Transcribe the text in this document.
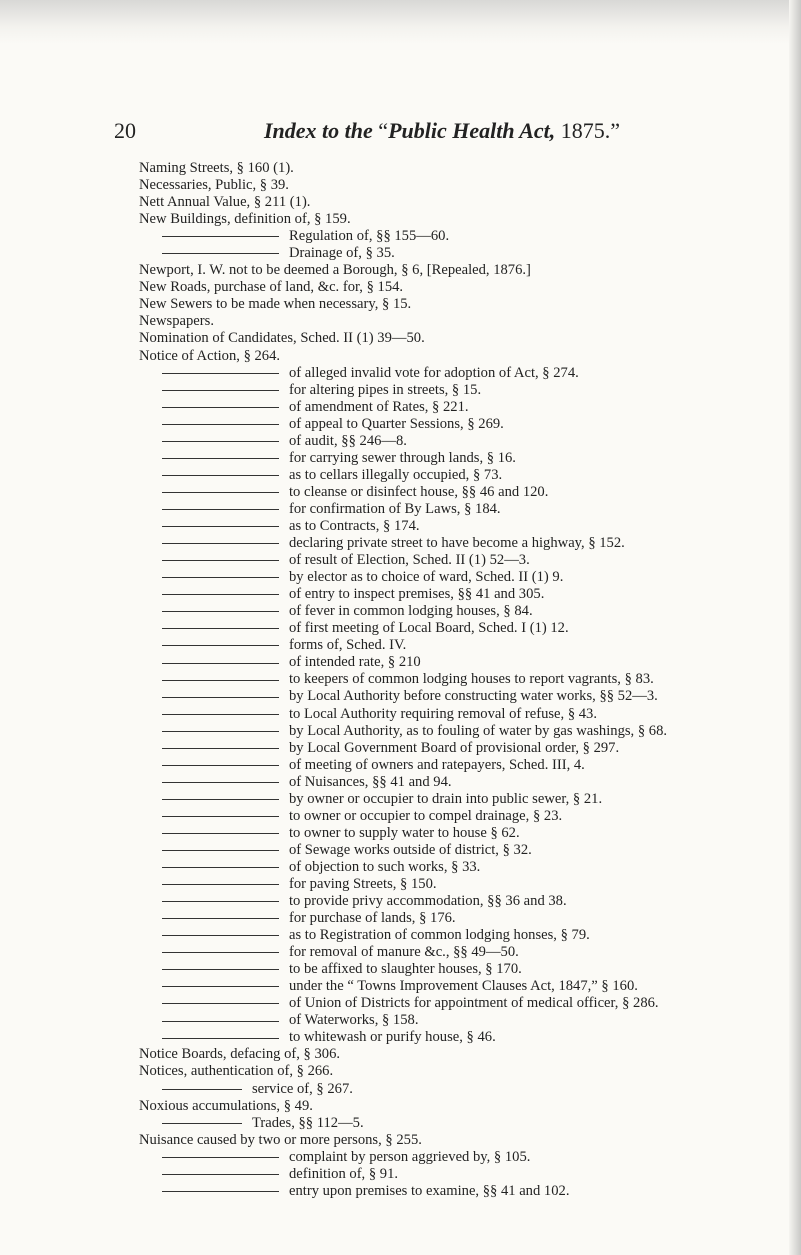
20	Index to the “Public Health Act, 1875.”
Naming Streets, § 160 (1).
Necessaries, Public, § 39.
Nett Annual Value, § 211 (1).
New Buildings, definition of, § 159.
Regulation of, §§ 155—60.
Drainage of, § 35.
Newport, I. W. not to be deemed a Borough, § 6, [Repealed, 1876.]
New Roads, purchase of land, &c. for, § 154.
New Sewers to be made when necessary, § 15.
Newspapers.
Nomination of Candidates, Sched. II (1) 39—50.
Notice of Action, § 264.
of alleged invalid vote for adoption of Act, § 274.
for altering pipes in streets, § 15.
of amendment of Rates, § 221.
of appeal to Quarter Sessions, § 269.
of audit, §§ 246—8.
for carrying sewer through lands, § 16.
as to cellars illegally occupied, § 73.
to cleanse or disinfect house, §§ 46 and 120.
for confirmation of By Laws, § 184.
as to Contracts, § 174.
declaring private street to have become a highway, § 152.
of result of Election, Sched. II (1) 52—3.
by elector as to choice of ward, Sched. II (1) 9.
of entry to inspect premises, §§ 41 and 305.
of fever in common lodging houses, § 84.
of first meeting of Local Board, Sched. I (1) 12.
forms of, Sched. IV.
of intended rate, § 210
to keepers of common lodging houses to report vagrants, § 83.
by Local Authority before constructing water works, §§ 52—3.
to Local Authority requiring removal of refuse, § 43.
by Local Authority, as to fouling of water by gas washings, § 68.
by Local Government Board of provisional order, § 297.
of meeting of owners and ratepayers, Sched. III, 4.
of Nuisances, §§ 41 and 94.
by owner or occupier to drain into public sewer, § 21.
to owner or occupier to compel drainage, § 23.
to owner to supply water to house § 62.
of Sewage works outside of district, § 32.
of objection to such works, § 33.
for paving Streets, § 150.
to provide privy accommodation, §§ 36 and 38.
for purchase of lands, § 176.
as to Registration of common lodging honses, § 79.
for removal of manure &c., §§ 49—50.
to be affixed to slaughter houses, § 170.
under the “ Towns Improvement Clauses Act, 1847,” § 160.
of Union of Districts for appointment of medical officer, § 286.
of Waterworks, § 158.
to whitewash or purify house, § 46.
Notice Boards, defacing of, § 306.
Notices, authentication of, § 266.
service of, § 267.
Noxious accumulations, § 49.
Trades, §§ 112—5.
Nuisance caused by two or more persons, § 255.
complaint by person aggrieved by, § 105.
definition of, § 91.
entry upon premises to examine, §§ 41 and 102.
